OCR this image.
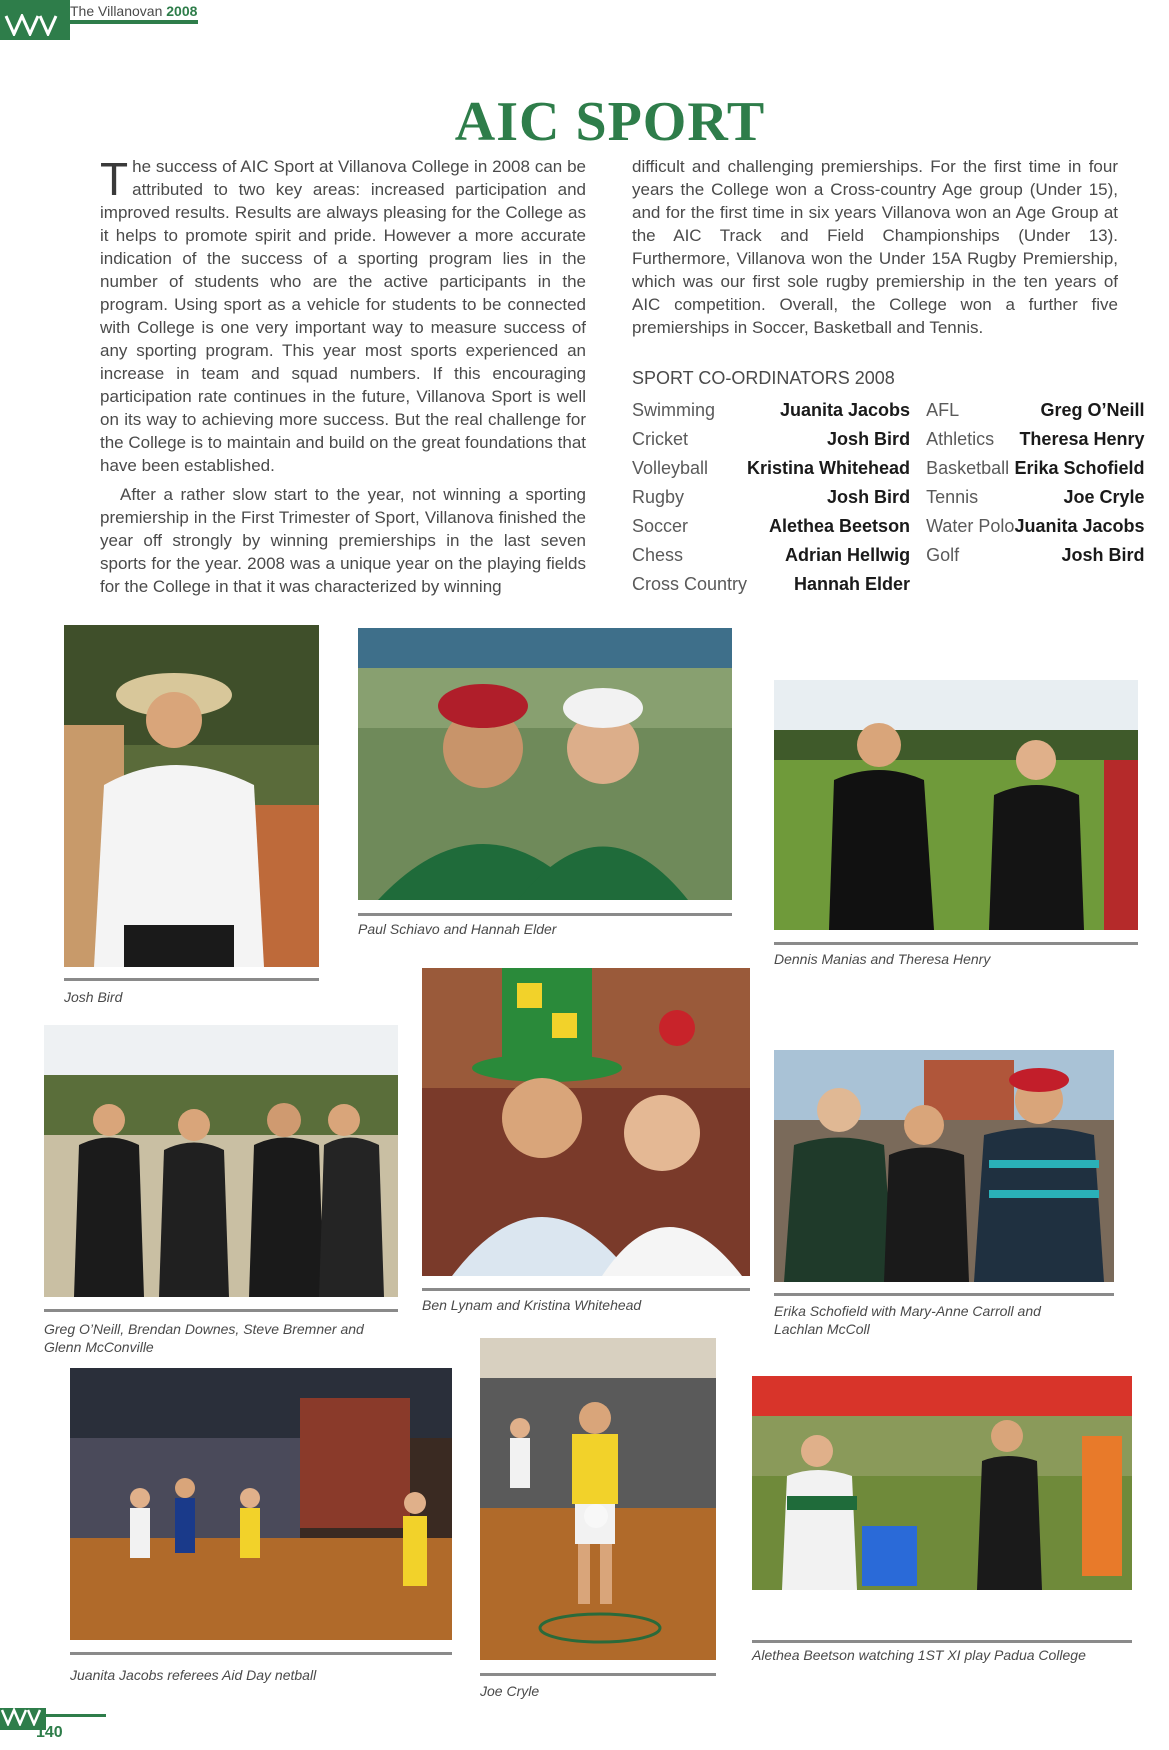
The Villanovan 2008
AIC SPORT

The success of AIC Sport at Villanova College in 2008 can be attributed to two key areas: increased participation and improved results. Results are always pleasing for the College as it helps to promote spirit and pride. However a more accurate indication of the success of a sporting program lies in the number of students who are the active participants in the program. Using sport as a vehicle for students to be connected with College is one very important way to measure success of any sporting program. This year most sports experienced an increase in team and squad numbers. If this encouraging participation rate continues in the future, Villanova Sport is well on its way to achieving more success. But the real challenge for the College is to maintain and build on the great foundations that have been established.

After a rather slow start to the year, not winning a sporting premiership in the First Trimester of Sport, Villanova finished the year off strongly by winning premierships in the last seven sports for the year. 2008 was a unique year on the playing fields for the College in that it was characterized by winning

difficult and challenging premierships. For the first time in four years the College won a Cross-country Age group (Under 15), and for the first time in six years Villanova won an Age Group at the AIC Track and Field Championships (Under 13). Furthermore, Villanova won the Under 15A Rugby Premiership, which was our first sole rugby premiership in the ten years of AIC competition. Overall, the College won a further five premierships in Soccer, Basketball and Tennis.

SPORT CO-ORDINATORS 2008
Swimming	Juanita Jacobs	AFL	Greg O’Neill
Cricket	Josh Bird	Athletics	Theresa Henry
Volleyball	Kristina Whitehead	Basketball	Erika Schofield
Rugby	Josh Bird	Tennis	Joe Cryle
Soccer	Alethea Beetson	Water Polo	Juanita Jacobs
Chess	Adrian Hellwig	Golf	Josh Bird
Cross Country	Hannah Elder		
Josh Bird
Paul Schiavo and Hannah Elder
Dennis Manias and Theresa Henry
Greg O’Neill, Brendan Downes, Steve Bremner and Glenn McConville
Ben Lynam and Kristina Whitehead	Erika Schofield with Mary-Anne Carroll and Lachlan McColl
Juanita Jacobs referees Aid Day netball
Joe Cryle
Alethea Beetson watching 1ST XI play Padua College
140
